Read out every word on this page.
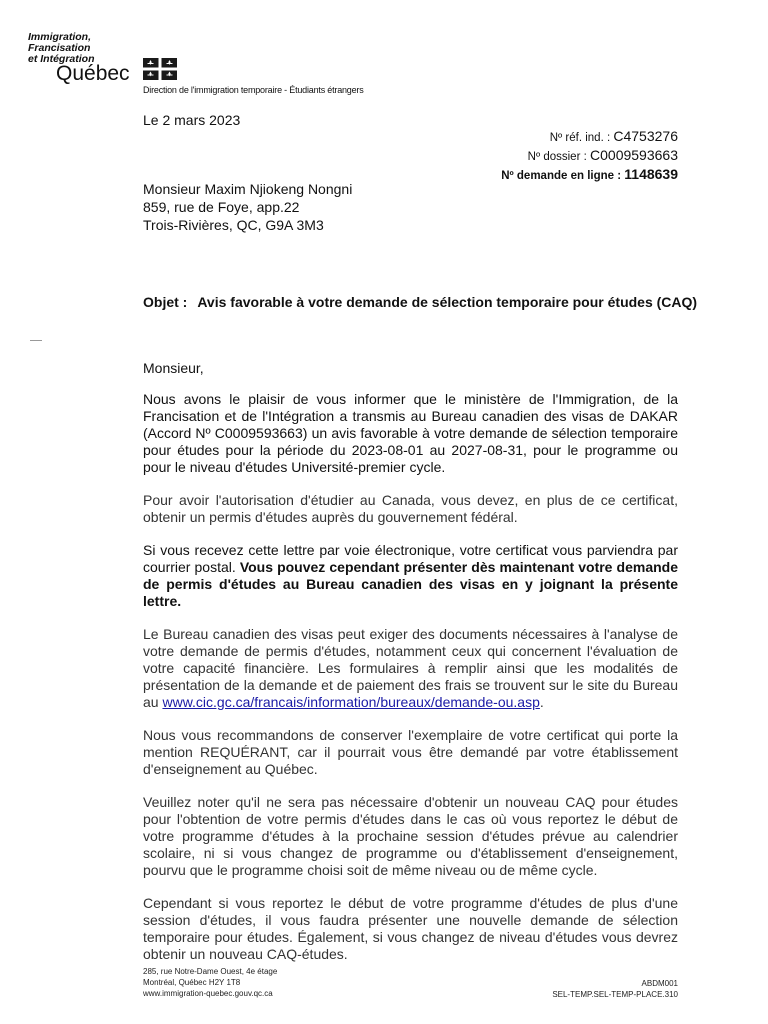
Immigration,
Francisation
et Intégration
Québec
Direction de l'immigration temporaire - Étudiants étrangers
Le 2 mars 2023
Nº réf. ind. : C4753276
Nº dossier : C0009593663
Nº demande en ligne : 1148639
Monsieur Maxim Njiokeng Nongni
859, rue de Foye, app.22
Trois-Rivières, QC, G9A 3M3
Objet : Avis favorable à votre demande de sélection temporaire pour études (CAQ)

Monsieur,

Nous avons le plaisir de vous informer que le ministère de l'Immigration, de la Francisation et de l'Intégration a transmis au Bureau canadien des visas de DAKAR (Accord Nº C0009593663) un avis favorable à votre demande de sélection temporaire pour études pour la période du 2023-08-01 au 2027-08-31, pour le programme ou pour le niveau d'études Université-premier cycle.

Pour avoir l'autorisation d'étudier au Canada, vous devez, en plus de ce certificat, obtenir un permis d'études auprès du gouvernement fédéral.

Si vous recevez cette lettre par voie électronique, votre certificat vous parviendra par courrier postal. Vous pouvez cependant présenter dès maintenant votre demande de permis d'études au Bureau canadien des visas en y joignant la présente lettre.

Le Bureau canadien des visas peut exiger des documents nécessaires à l'analyse de votre demande de permis d'études, notamment ceux qui concernent l'évaluation de votre capacité financière. Les formulaires à remplir ainsi que les modalités de présentation de la demande et de paiement des frais se trouvent sur le site du Bureau au www.cic.gc.ca/francais/information/bureaux/demande-ou.asp.

Nous vous recommandons de conserver l'exemplaire de votre certificat qui porte la mention REQUÉRANT, car il pourrait vous être demandé par votre établissement d'enseignement au Québec.

Veuillez noter qu'il ne sera pas nécessaire d'obtenir un nouveau CAQ pour études pour l'obtention de votre permis d'études dans le cas où vous reportez le début de votre programme d'études à la prochaine session d'études prévue au calendrier scolaire, ni si vous changez de programme ou d'établissement d'enseignement, pourvu que le programme choisi soit de même niveau ou de même cycle.

Cependant si vous reportez le début de votre programme d'études de plus d'une session d'études, il vous faudra présenter une nouvelle demande de sélection temporaire pour études. Également, si vous changez de niveau d'études vous devrez obtenir un nouveau CAQ-études.

285, rue Notre-Dame Ouest, 4e étage
Montréal, Québec H2Y 1T8
www.immigration-quebec.gouv.qc.ca
ABDM001
SEL-TEMP.SEL-TEMP-PLACE.310
